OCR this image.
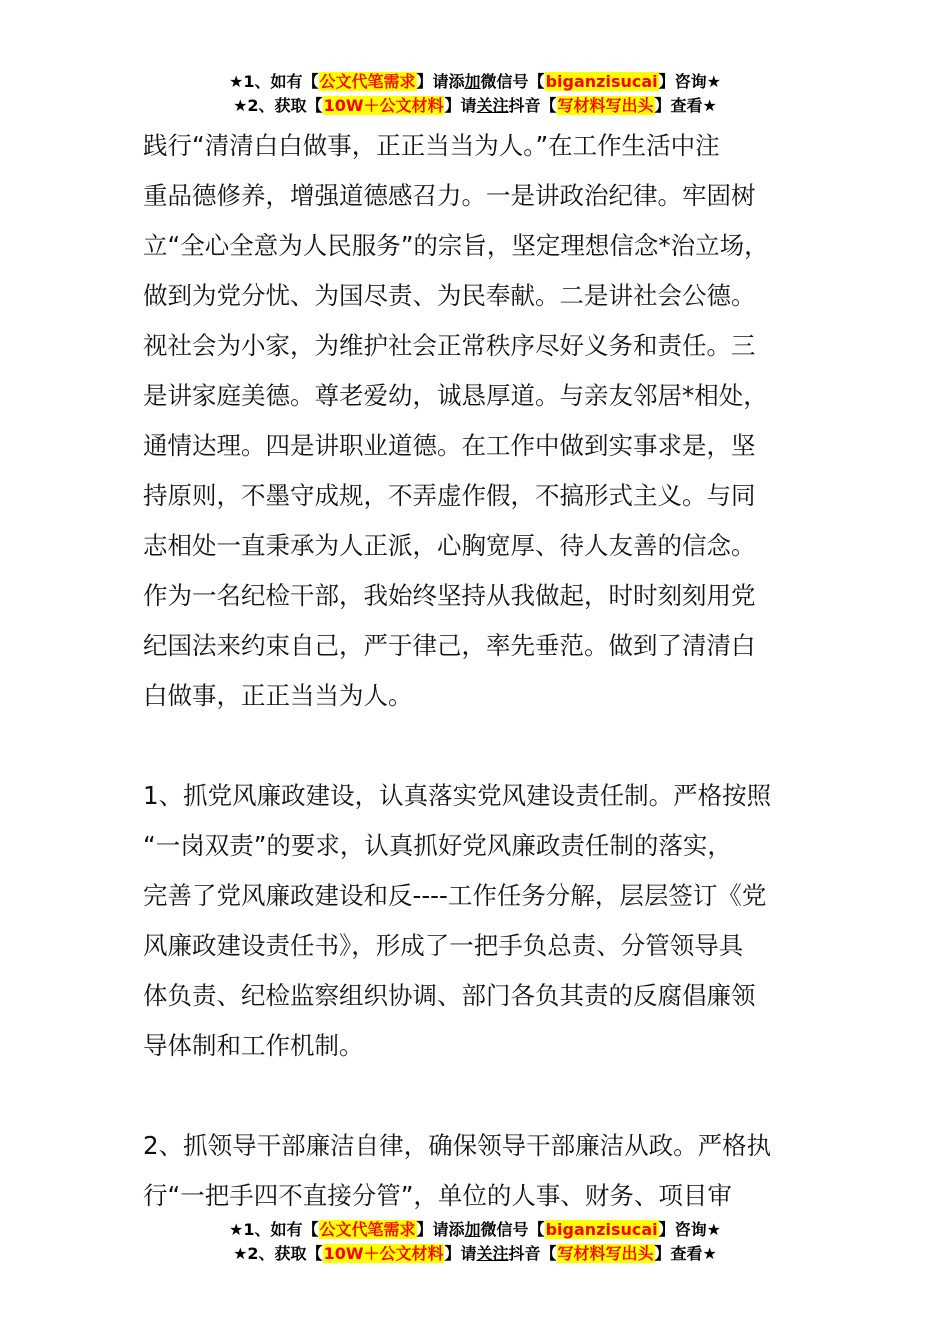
★1、如有【公文代笔需求】请添加微信号【biganzisucai】咨询★
★2、获取【10W＋公文材料】请关注抖音【写材料写出头】查看★
践行“清清白白做事，正正当当为人。”在工作生活中注
重品德修养，增强道德感召力。一是讲政治纪律。牢固树
立“全心全意为人民服务”的宗旨，坚定理想信念*治立场，
做到为党分忧、为国尽责、为民奉献。二是讲社会公德。
视社会为小家，为维护社会正常秩序尽好义务和责任。三
是讲家庭美德。尊老爱幼，诚恳厚道。与亲友邻居*相处，
通情达理。四是讲职业道德。在工作中做到实事求是，坚
持原则，不墨守成规，不弄虚作假，不搞形式主义。与同
志相处一直秉承为人正派，心胸宽厚、待人友善的信念。
作为一名纪检干部，我始终坚持从我做起，时时刻刻用党
纪国法来约束自己，严于律己，率先垂范。做到了清清白
白做事，正正当当为人。
1、抓党风廉政建设，认真落实党风建设责任制。严格按照
“一岗双责”的要求，认真抓好党风廉政责任制的落实，
完善了党风廉政建设和反----工作任务分解，层层签订《党
风廉政建设责任书》，形成了一把手负总责、分管领导具
体负责、纪检监察组织协调、部门各负其责的反腐倡廉领
导体制和工作机制。
2、抓领导干部廉洁自律，确保领导干部廉洁从政。严格执
行“一把手四不直接分管”，单位的人事、财务、项目审
★1、如有【公文代笔需求】请添加微信号【biganzisucai】咨询★
★2、获取【10W＋公文材料】请关注抖音【写材料写出头】查看★
